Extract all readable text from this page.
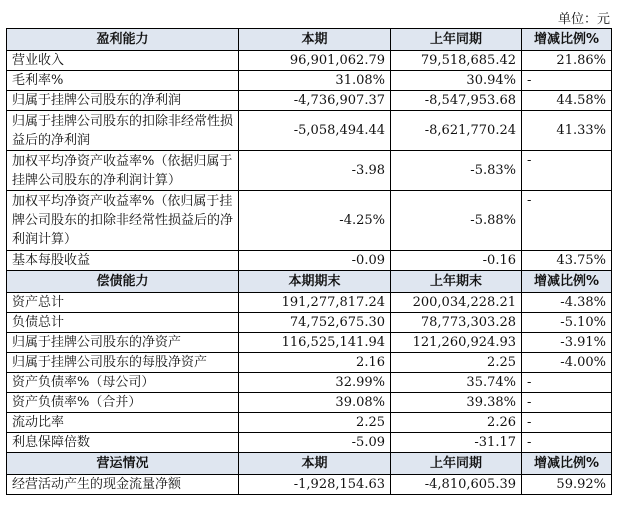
单位：元
盈利能力	本期	上年同期	增减比例%
营业收入	96,901,062.79	79,518,685.42	21.86%
毛利率%	31.08%	30.94%	-
归属于挂牌公司股东的净利润	-4,736,907.37	-8,547,953.68	44.58%
归属于挂牌公司股东的扣除非经常性损益后的净利润	-5,058,494.44	-8,621,770.24	41.33%
加权平均净资产收益率%（依据归属于挂牌公司股东的净利润计算）	-3.98	-5.83%	-
加权平均净资产收益率%（依归属于挂牌公司股东的扣除非经常性损益后的净利润计算）	-4.25%	-5.88%	-
基本每股收益	-0.09	-0.16	43.75%
偿债能力	本期期末	上年期末	增减比例%
资产总计	191,277,817.24	200,034,228.21	-4.38%
负债总计	74,752,675.30	78,773,303.28	-5.10%
归属于挂牌公司股东的净资产	116,525,141.94	121,260,924.93	-3.91%
归属于挂牌公司股东的每股净资产	2.16	2.25	-4.00%
资产负债率%（母公司）	32.99%	35.74%	-
资产负债率%（合并）	39.08%	39.38%	-
流动比率	2.25	2.26	-
利息保障倍数	-5.09	-31.17	-
营运情况	本期	上年同期	增减比例%
经营活动产生的现金流量净额	-1,928,154.63	-4,810,605.39	59.92%
